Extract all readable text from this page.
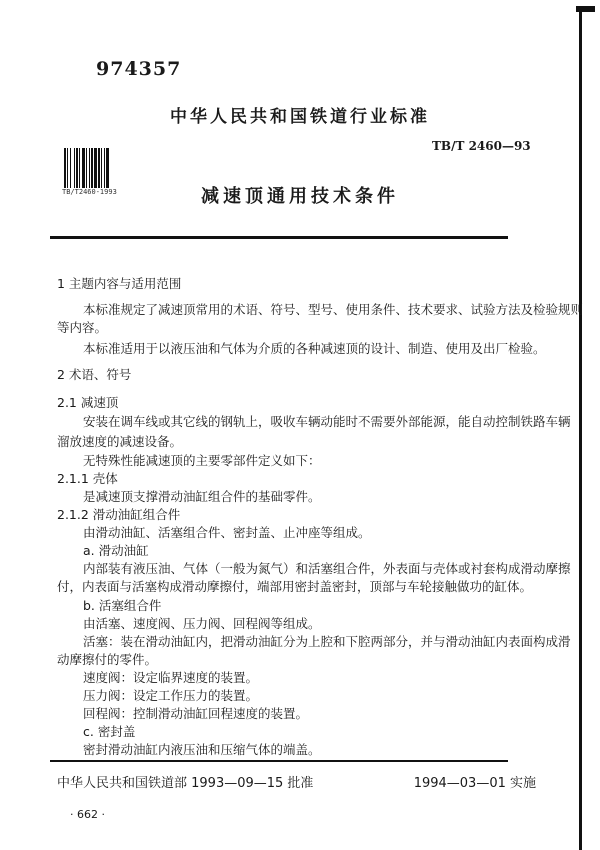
974357
中华人民共和国铁道行业标准
TB/T 2460—93
TB/T2460-1993	减速顶通用技术条件
1 主题内容与适用范围
本标准规定了减速顶常用的术语、符号、型号、使用条件、技术要求、试验方法及检验规则
等内容。
本标准适用于以液压油和气体为介质的各种减速顶的设计、制造、使用及出厂检验。
2 术语、符号
2.1 减速顶
安装在调车线或其它线的钢轨上，吸收车辆动能时不需要外部能源，能自动控制铁路车辆
溜放速度的减速设备。
无特殊性能减速顶的主要零部件定义如下：
2.1.1 壳体
是减速顶支撑滑动油缸组合件的基础零件。
2.1.2 滑动油缸组合件
由滑动油缸、活塞组合件、密封盖、止冲座等组成。
a. 滑动油缸
内部装有液压油、气体（一般为氮气）和活塞组合件，外表面与壳体或衬套构成滑动摩擦
付，内表面与活塞构成滑动摩擦付，端部用密封盖密封，顶部与车轮接触做功的缸体。
b. 活塞组合件
由活塞、速度阀、压力阀、回程阀等组成。
活塞：装在滑动油缸内，把滑动油缸分为上腔和下腔两部分，并与滑动油缸内表面构成滑
动摩擦付的零件。
速度阀：设定临界速度的装置。
压力阀：设定工作压力的装置。
回程阀：控制滑动油缸回程速度的装置。
c. 密封盖
密封滑动油缸内液压油和压缩气体的端盖。
中华人民共和国铁道部 1993—09—15 批准	1994—03—01 实施
· 662 ·
